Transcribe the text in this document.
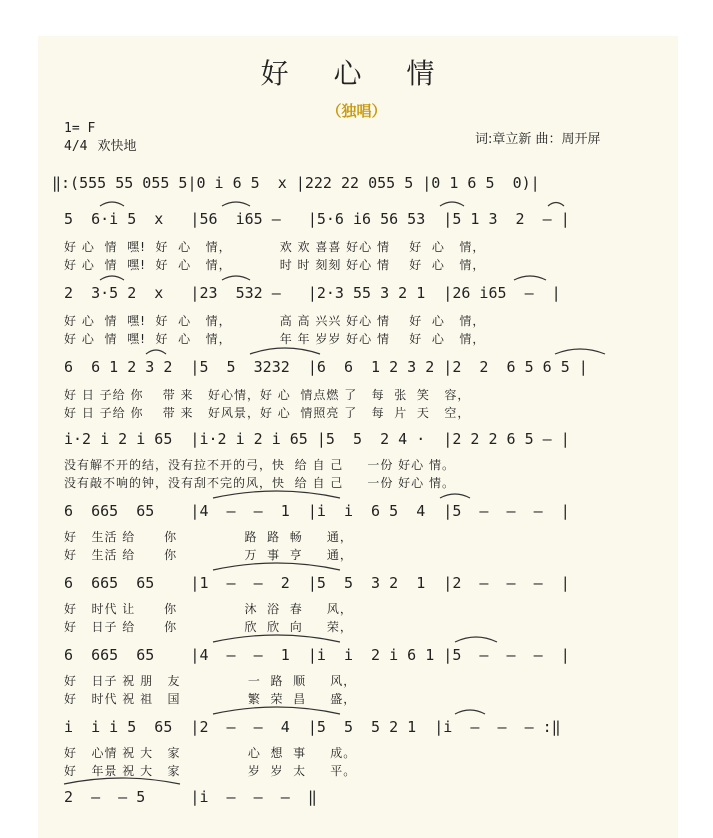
好 心 情
（独唱）
1= F
4/4 欢快地	词:章立新 曲：周开屏
‖:(555 55 055 5|0 i 6 5  x |222 22 055 5 |0 1 6 5  0)|
5  6·i 5  x   |56  i65 –   |5·6 i6 56 53  |5 1 3  2  – |
好 心  情  嘿!  好  心   情，          欢 欢 喜喜 好心 情    好  心   情，
好 心  情  嘿!  好  心   情，          时 时 刻刻 好心 情    好  心   情，
2  3·5 2  x   |23  532 –   |2·3 55 3 2 1  |26 i65  –  |
好 心  情  嘿!  好  心   情，          高 高 兴兴 好心 情    好  心   情，
好 心  情  嘿!  好  心   情，          年 年 岁岁 好心 情    好  心   情，
6  6 1 2 3 2  |5  5  3232  |6  6  1 2 3 2 |2  2  6 5 6 5 |
好 日 子给 你    带 来   好心情，好 心  情点燃 了   每  张  笑   容，
好 日 子给 你    带 来   好风景，好 心  情照亮 了   每  片  天   空，
i·2 i 2 i 65  |i·2 i 2 i 65 |5  5  2 4 ·  |2 2 2 6 5 – |
没有解不开的结，没有拉不开的弓，快  给 自 己     一份 好心 情。
没有敲不响的钟，没有刮不完的风，快  给 自 己     一份 好心 情。
6  665  65    |4  –  –  1  |i  i  6 5  4  |5  –  –  –  |
好   生活 给      你              路  路  畅     通，
好   生活 给      你              万  事  亨     通，
6  665  65    |1  –  –  2  |5  5  3 2  1  |2  –  –  –  |
好   时代 让      你              沐  浴  春     风，
好   日子 给      你              欣  欣  向     荣，
6  665  65    |4  –  –  1  |i  i  2 i 6 1 |5  –  –  –  |
好   日子 祝 朋   友              一  路  顺     风，
好   时代 祝 祖   国              繁  荣  昌     盛，
i  i i 5  65  |2  –  –  4  |5  5  5 2 1  |i  –  –  – :‖
好   心情 祝 大   家              心  想  事     成。
好   年景 祝 大   家              岁  岁  太     平。
2  –  – 5     |i  –  –  –  ‖
